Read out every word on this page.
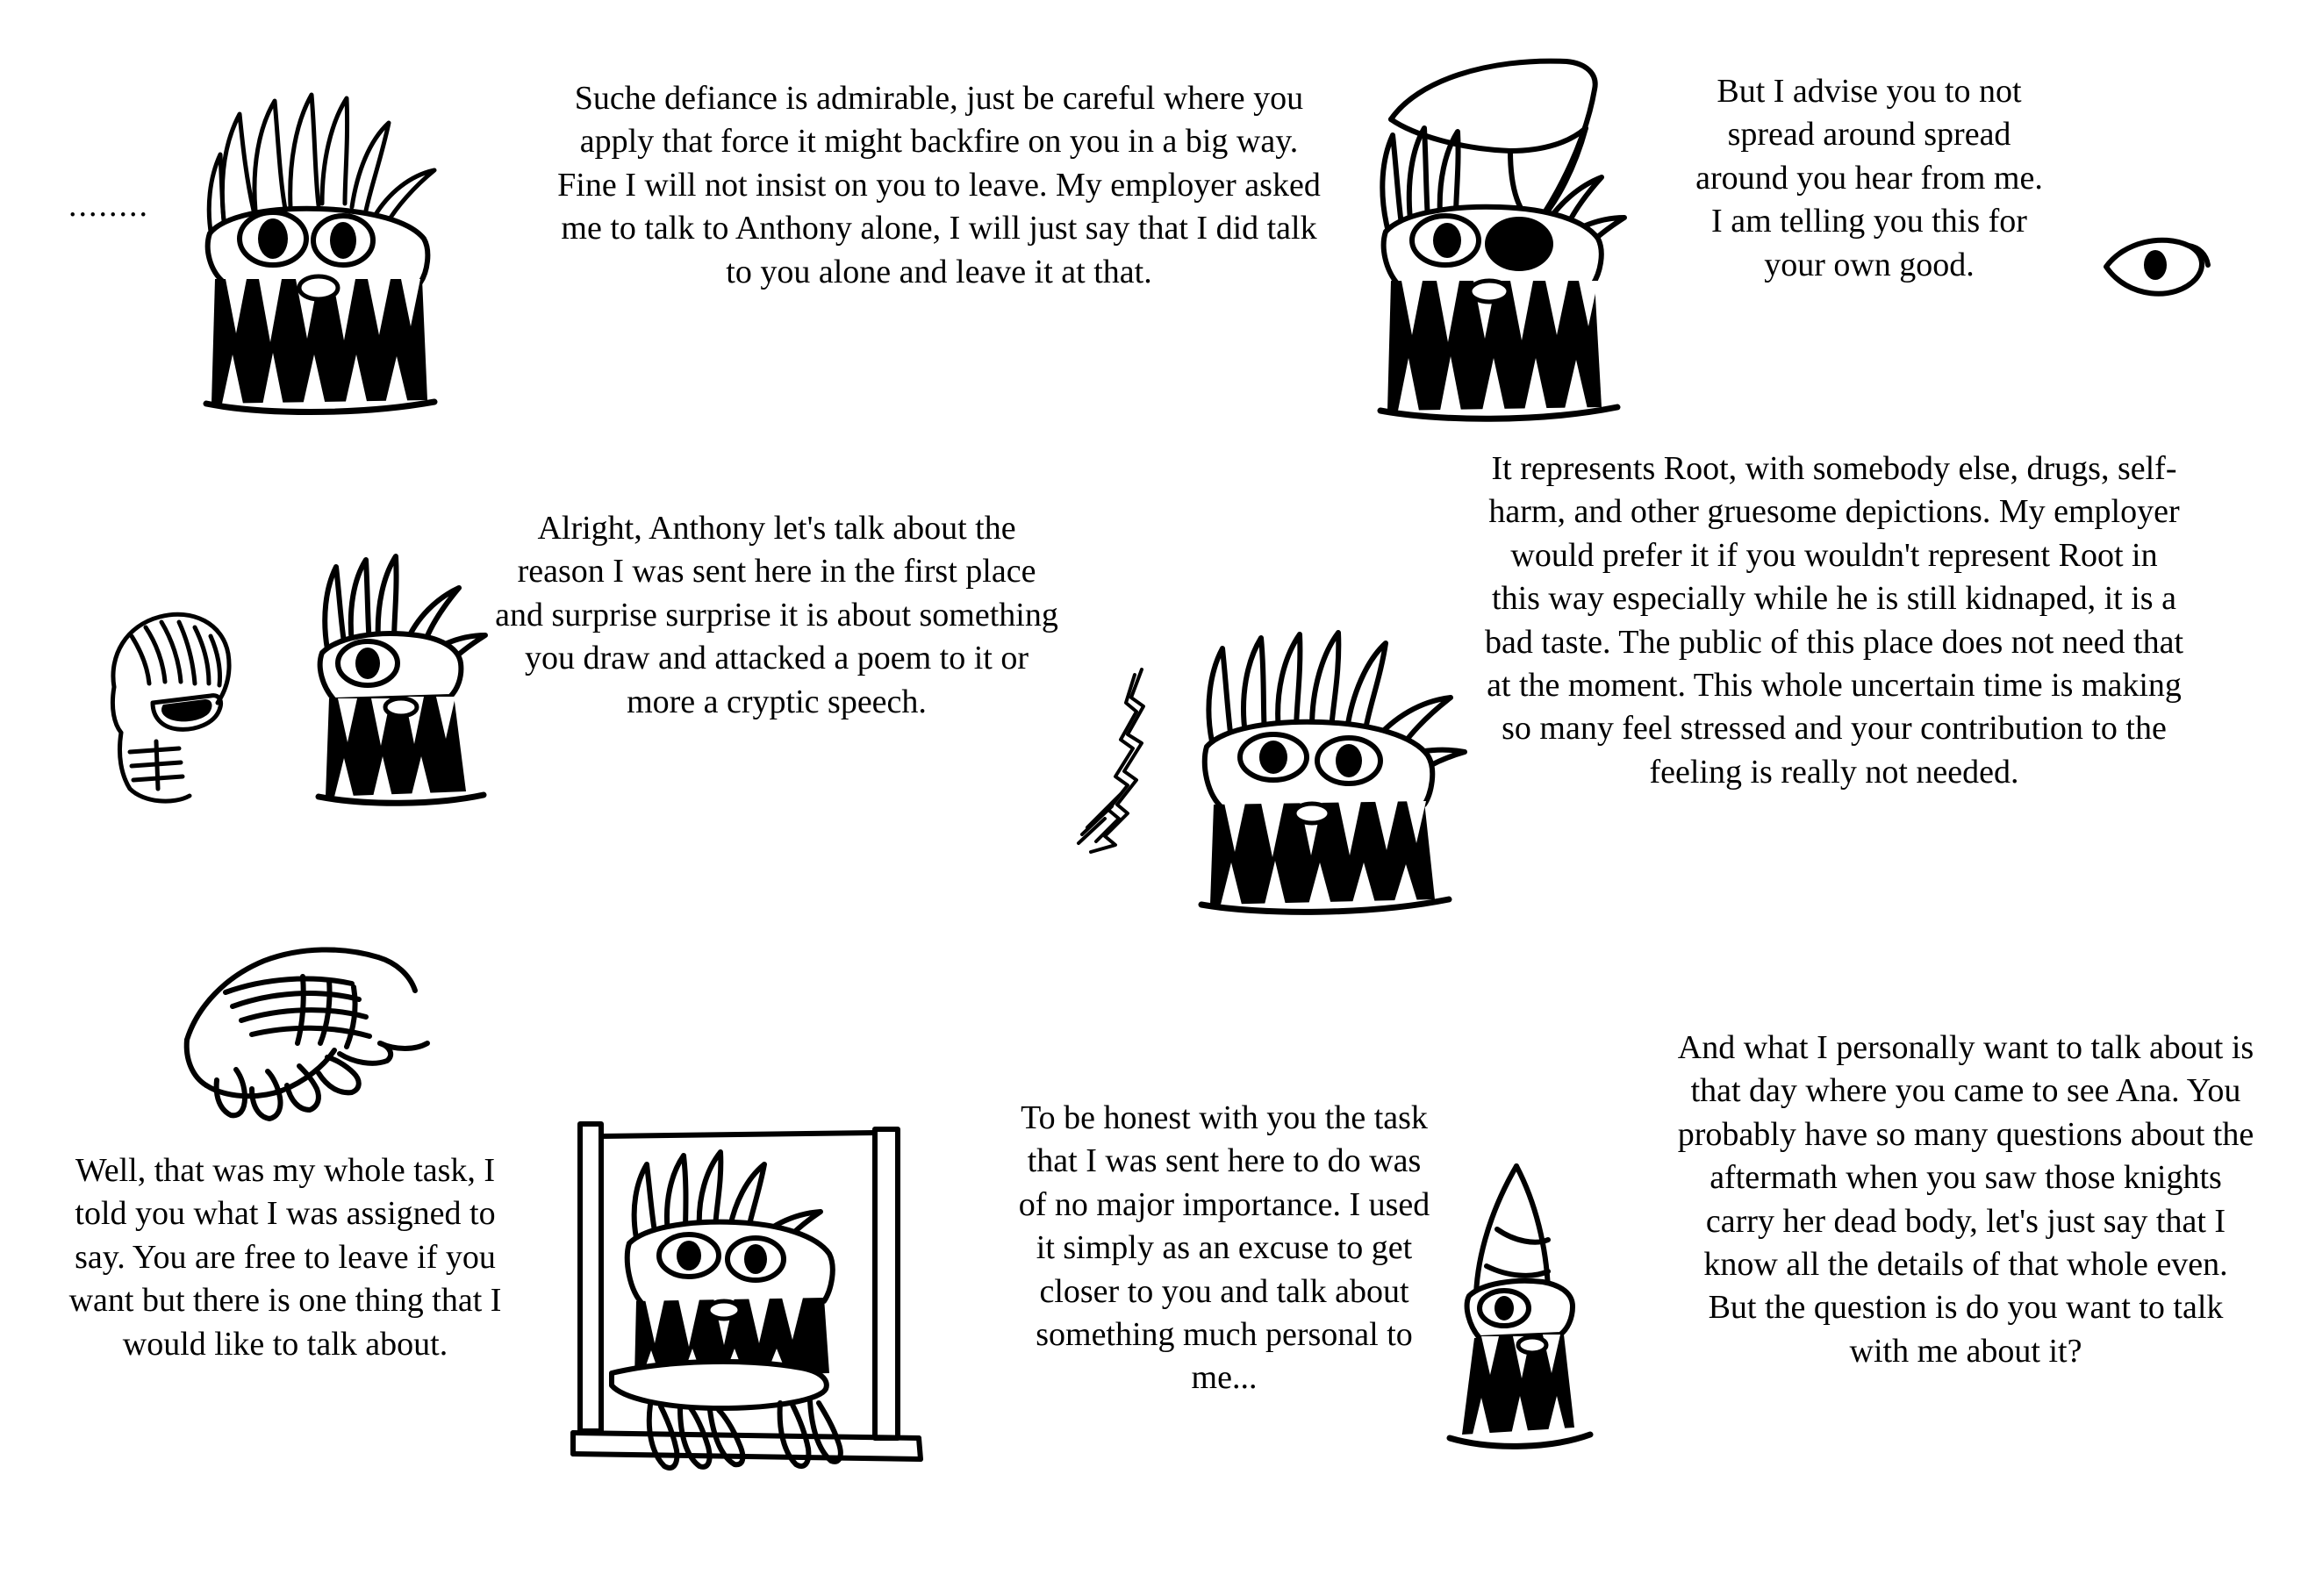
........
Suche defiance is admirable, just be careful where you apply that force it might backfire on you in a big way. Fine I will not insist on you to leave. My employer asked me to talk to Anthony alone, I will just say that I did talk to you alone and leave it at that.
But I advise you to not spread around spread around you hear from me. I am telling you this for your own good.
Alright, Anthony let's talk about the reason I was sent here in the first place and surprise surprise it is about something you draw and attacked a poem to it or more a cryptic speech.
It represents Root, with somebody else, drugs, self-harm, and other gruesome depictions. My employer would prefer it if you wouldn't represent Root in this way especially while he is still kidnaped, it is a bad taste. The public of this place does not need that at the moment. This whole uncertain time is making so many feel stressed and your contribution to the feeling is really not needed.
Well, that was my whole task, I told you what I was assigned to say. You are free to leave if you want but there is one thing that I would like to talk about.
To be honest with you the task that I was sent here to do was of no major importance. I used it simply as an excuse to get closer to you and talk about something much personal to me...
And what I personally want to talk about is that day where you came to see Ana. You probably have so many questions about the aftermath when you saw those knights carry her dead body, let's just say that I know all the details of that whole even. But the question is do you want to talk with me about it?
